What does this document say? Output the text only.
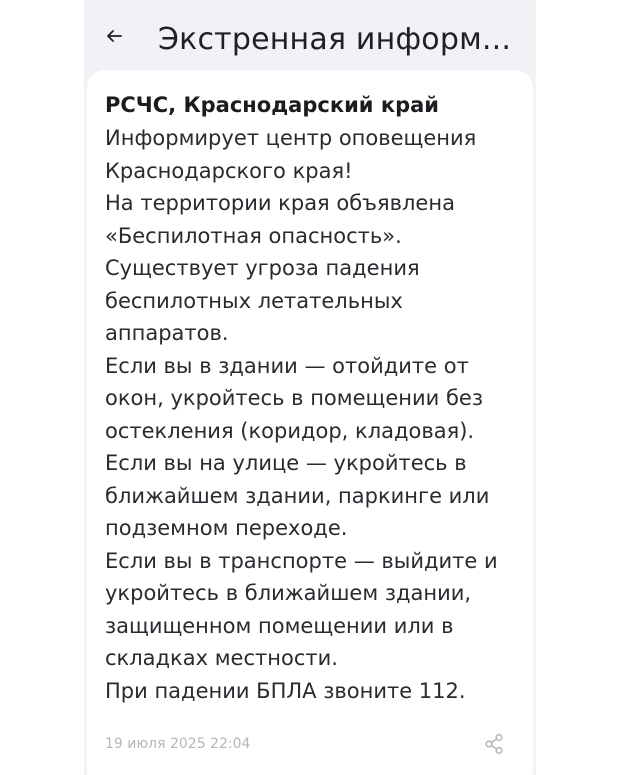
Экстренная информ...

РСЧС, Краснодарский край

Информирует центр оповещения
Краснодарского края!
На территории края объявлена
«Беспилотная опасность».
Существует угроза падения
беспилотных летательных
аппаратов.
Если вы в здании — отойдите от
окон, укройтесь в помещении без
остекления (коридор, кладовая).
Если вы на улице — укройтесь в
ближайшем здании, паркинге или
подземном переходе.
Если вы в транспорте — выйдите и
укройтесь в ближайшем здании,
защищенном помещении или в
складках местности.
При падении БПЛА звоните 112.
19 июля 2025 22:04
